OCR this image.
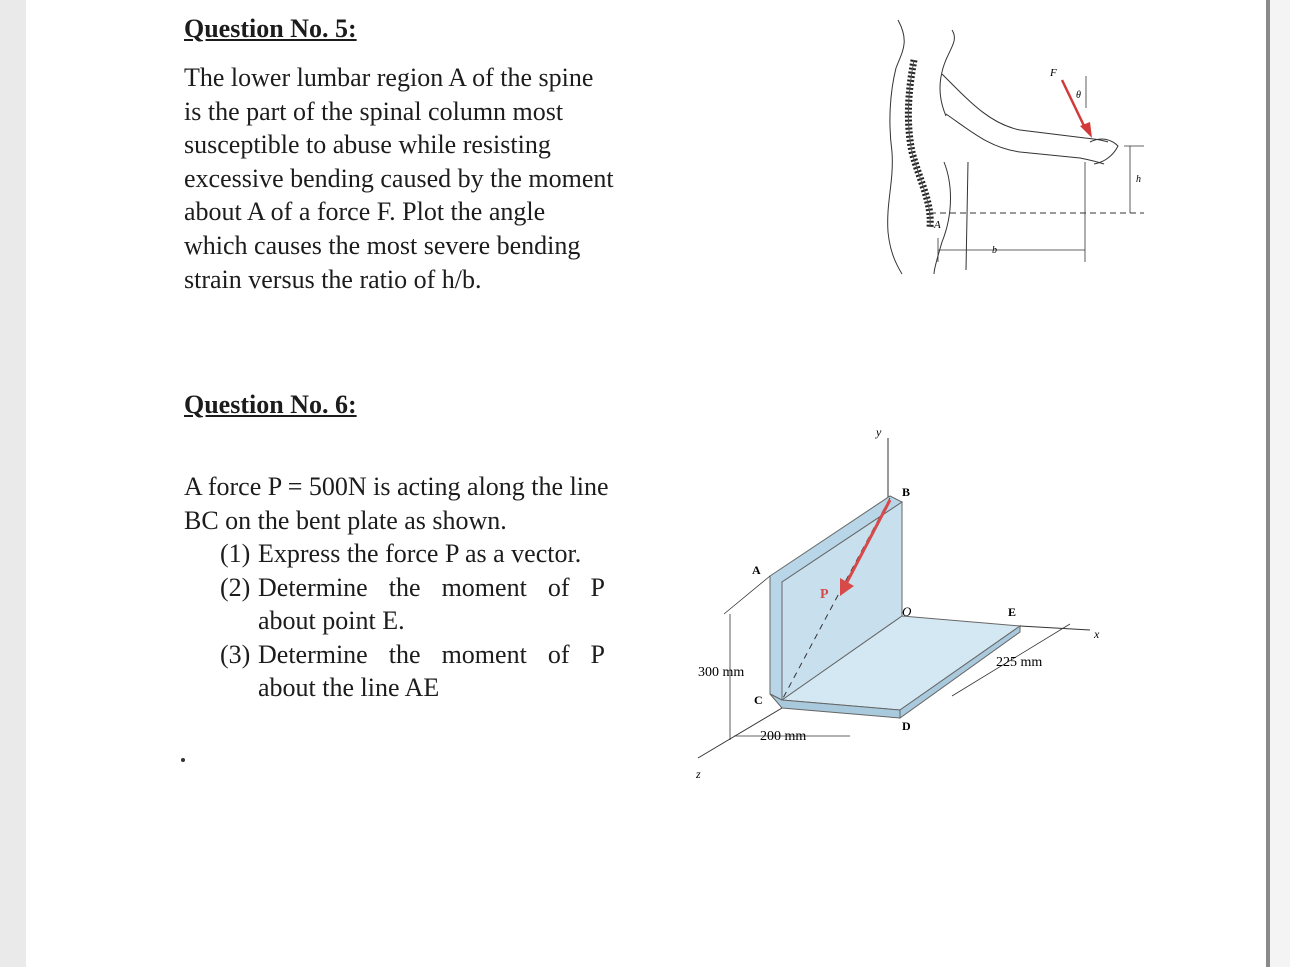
Question No. 5:

The lower lumbar region A of the spine is the part of the spinal column most susceptible to abuse while resisting excessive bending caused by the moment about A of a force F. Plot the angle which causes the most severe bending strain versus the ratio of h/b.

F
θ
h
A
b
Question No. 6:

A force P = 500N is acting along the line BC on the bent plate as shown.

(1) Express the force P as a vector.
(2) Determine the moment of P about point E.
(3) Determine the moment of P about the line AE
y
B
A
P
O	E
x
C
D
z
300 mm
200 mm
225 mm
